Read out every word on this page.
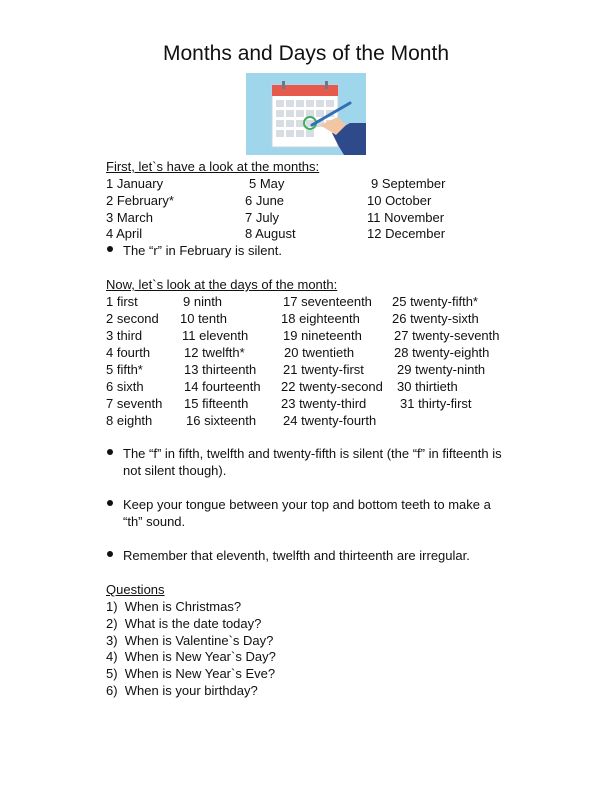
Months and Days of the Month
First, let`s have a look at the months:
1 January	5 May	9 September
2 February*	6 June	10 October
3 March	7 July	11 November
4 April	8 August	12 December
The “r” in February is silent.
Now, let`s look at the days of the month:
1 first	9 ninth	17 seventeenth 25 twenty-fifth*
2 second 10 tenth	18 eighteenth 26 twenty-sixth
3 third	11 eleventh	19 nineteenth 27 twenty-seventh
4 fourth	12 twelfth*	20 twentieth	28 twenty-eighth
5 fifth*	13 thirteenth 21 twenty-first	29 twenty-ninth
6 sixth	14 fourteenth 22 twenty-second 30 thirtieth
7 seventh 15 fifteenth	23 twenty-third	31 thirty-first
8 eighth	16 sixteenth 24 twenty-fourth
The “f” in fifth, twelfth and twenty-fifth is silent (the “f” in fifteenth is not silent though).
Keep your tongue between your top and bottom teeth to make a “th” sound.
Remember that eleventh, twelfth and thirteenth are irregular.
Questions
1)  When is Christmas?
2)  What is the date today?
3)  When is Valentine`s Day?
4)  When is New Year`s Day?
5)  When is New Year`s Eve?
6)  When is your birthday?
